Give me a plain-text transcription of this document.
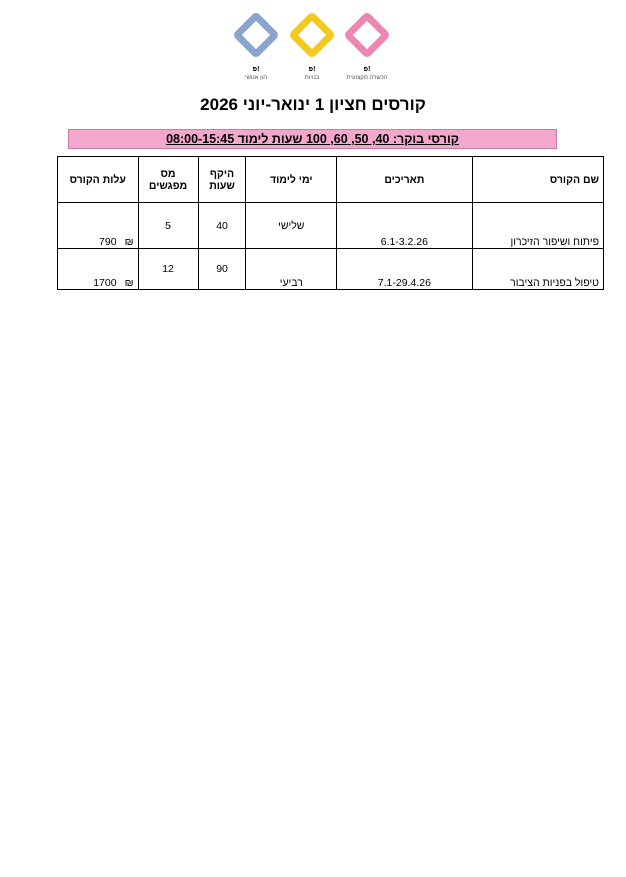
פ!
הכשרה מקצועית
פ!
בנויות
פ!
הון אנושי
קורסים חציון 1 ינואר-יוני 2026
קורסי בוקר: 40, 50, 60, 100 שעות לימוד 08:00-15:45
שם הקורס	תאריכים	ימי לימוד	היקף שעות	מס מפגשים	עלות הקורס
פיתוח ושיפור הזיכרון	6.1-3.2.26	שלישי	40	5	790 ₪
טיפול בפניות הציבור	7.1-29.4.26	רביעי	90	12	1700 ₪
